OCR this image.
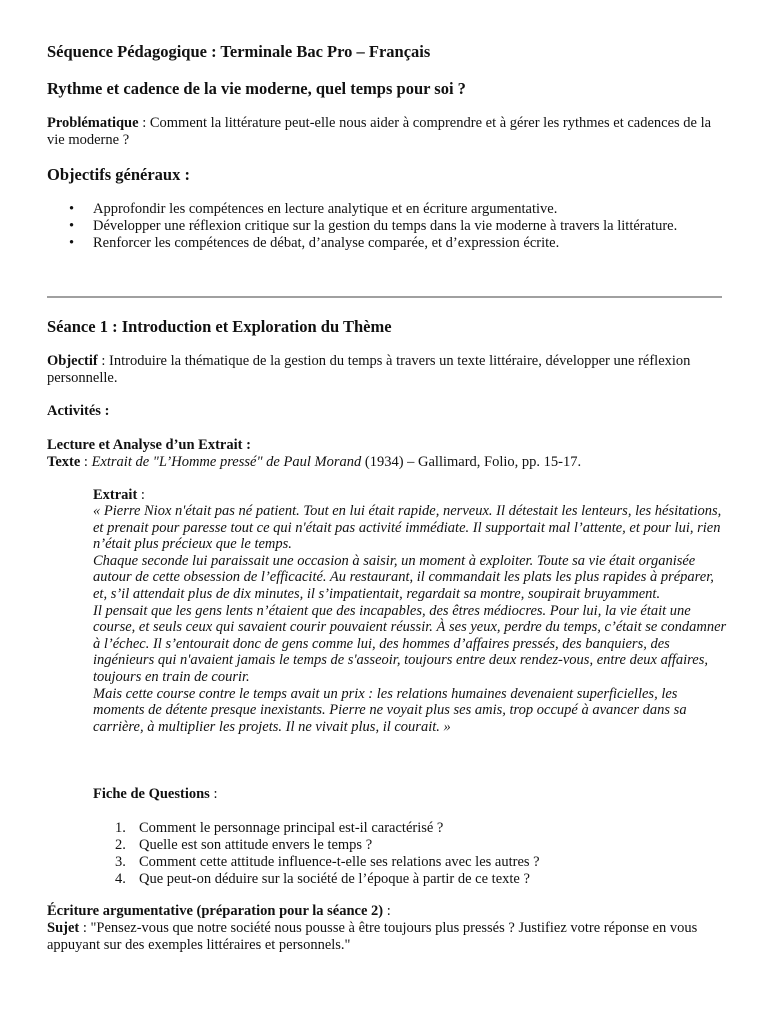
Séquence Pédagogique : Terminale Bac Pro – Français
Rythme et cadence de la vie moderne, quel temps pour soi ?
Problématique : Comment la littérature peut-elle nous aider à comprendre et à gérer les rythmes et cadences de la vie moderne ?
Objectifs généraux :
• Approfondir les compétences en lecture analytique et en écriture argumentative.
• Développer une réflexion critique sur la gestion du temps dans la vie moderne à travers la littérature.
• Renforcer les compétences de débat, d’analyse comparée, et d’expression écrite.
Séance 1 : Introduction et Exploration du Thème
Objectif : Introduire la thématique de la gestion du temps à travers un texte littéraire, développer une réflexion personnelle.
Activités :
Lecture et Analyse d’un Extrait :
Texte : Extrait de "L’Homme pressé" de Paul Morand (1934) – Gallimard, Folio, pp. 15-17.
Extrait :
« Pierre Niox n'était pas né patient. Tout en lui était rapide, nerveux. Il détestait les lenteurs, les hésitations, et prenait pour paresse tout ce qui n'était pas activité immédiate. Il supportait mal l’attente, et pour lui, rien n’était plus précieux que le temps.
Chaque seconde lui paraissait une occasion à saisir, un moment à exploiter. Toute sa vie était organisée autour de cette obsession de l’efficacité. Au restaurant, il commandait les plats les plus rapides à préparer, et, s’il attendait plus de dix minutes, il s’impatientait, regardait sa montre, soupirait bruyamment.
Il pensait que les gens lents n’étaient que des incapables, des êtres médiocres. Pour lui, la vie était une course, et seuls ceux qui savaient courir pouvaient réussir. À ses yeux, perdre du temps, c’était se condamner à l’échec. Il s’entourait donc de gens comme lui, des hommes d’affaires pressés, des banquiers, des ingénieurs qui n'avaient jamais le temps de s'asseoir, toujours entre deux rendez-vous, entre deux affaires, toujours en train de courir.
Mais cette course contre le temps avait un prix : les relations humaines devenaient superficielles, les moments de détente presque inexistants. Pierre ne voyait plus ses amis, trop occupé à avancer dans sa carrière, à multiplier les projets. Il ne vivait plus, il courait. »
Fiche de Questions :
1. Comment le personnage principal est-il caractérisé ?
2. Quelle est son attitude envers le temps ?
3. Comment cette attitude influence-t-elle ses relations avec les autres ?
4. Que peut-on déduire sur la société de l’époque à partir de ce texte ?
Écriture argumentative (préparation pour la séance 2) :
Sujet : "Pensez-vous que notre société nous pousse à être toujours plus pressés ? Justifiez votre réponse en vous appuyant sur des exemples littéraires et personnels."
